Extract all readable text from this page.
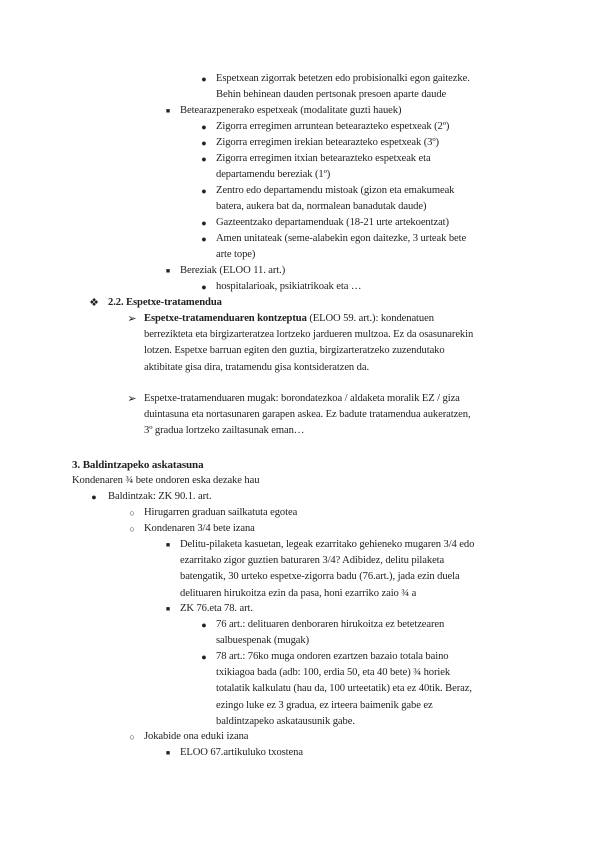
● Espetxean zigorrak betetzen edo probisionalki egon gaitezke.
Behin behinean dauden pertsonak presoen aparte daude
■ Betearazpenerako espetxeak (modalitate guzti hauek)
● Zigorra erregimen arruntean betearazteko espetxeak (2º)
● Zigorra erregimen irekian betearazteko espetxeak (3º)
● Zigorra erregimen itxian betearazteko espetxeak eta
departamendu bereziak (1º)
● Zentro edo departamendu mistoak (gizon eta emakumeak
batera, aukera bat da, normalean banadutak daude)
● Gazteentzako departamenduak (18-21 urte artekoentzat)
● Amen unitateak (seme-alabekin egon daitezke, 3 urteak bete
arte tope)
■ Bereziak (ELOO 11. art.)
● hospitalarioak, psikiatrikoak eta …
❖ 2.2. Espetxe-tratamendua
➢ Espetxe-tratamenduaren kontzeptua (ELOO 59. art.): kondenatuen
berrezikteta eta birgizarteratzea lortzeko jardueren multzoa. Ez da osasunarekin
lotzen. Espetxe barruan egiten den guztia, birgizarteratzeko zuzendutako
aktibitate gisa dira, tratamendu gisa kontsideratzen da.
➢ Espetxe-tratamenduaren mugak: borondatezkoa / aldaketa moralik EZ / giza
duintasuna eta nortasunaren garapen askea. Ez badute tratamendua aukeratzen,
3º gradua lortzeko zailtasunak eman…
3. Baldintzapeko askatasuna
Kondenaren ¾ bete ondoren eska dezake hau
●	Baldintzak: ZK 90.1. art.
○ Hirugarren graduan sailkatuta egotea
○ Kondenaren 3/4 bete izana
■ Delitu-pilaketa kasuetan, legeak ezarritako gehieneko mugaren 3/4 edo
ezarritako zigor guztien baturaren 3/4? Adibidez, delitu pilaketa
batengatik, 30 urteko espetxe-zigorra badu (76.art.), jada ezin duela
delituaren hirukoitza ezin da pasa, honi ezarriko zaio ¾ a
■ ZK 76.eta 78. art.
● 76 art.: delituaren denboraren hirukoitza ez betetzearen
salbuespenak (mugak)
● 78 art.: 76ko muga ondoren ezartzen bazaio totala baino
txikiagoa bada (adb: 100, erdia 50, eta 40 bete) ¾ horiek
totalatik kalkulatu (hau da, 100 urteetatik) eta ez 40tik. Beraz,
ezingo luke ez 3 gradua, ez irteera baimenik gabe ez
baldintzapeko askatausunik gabe.
○ Jokabide ona eduki izana
■ ELOO 67.artikuluko txostena
